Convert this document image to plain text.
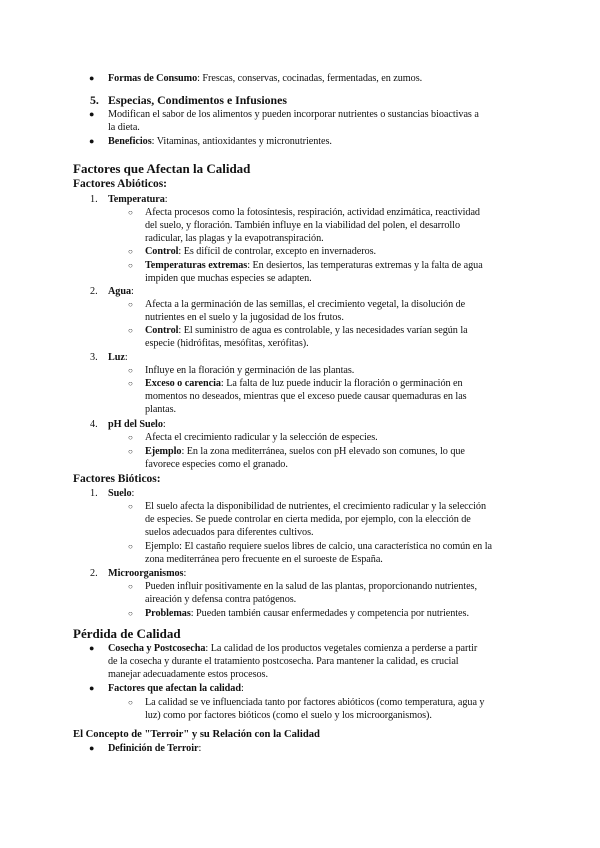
● Formas de Consumo: Frescas, conservas, cocinadas, fermentadas, en zumos.
5. Especias, Condimentos e Infusiones
● Modifican el sabor de los alimentos y pueden incorporar nutrientes o sustancias bioactivas a
la dieta.
● Beneficios: Vitaminas, antioxidantes y micronutrientes.
Factores que Afectan la Calidad
Factores Abióticos:
1. Temperatura:
○ Afecta procesos como la fotosíntesis, respiración, actividad enzimática, reactividad
del suelo, y floración. También influye en la viabilidad del polen, el desarrollo
radicular, las plagas y la evapotranspiración.
○ Control: Es difícil de controlar, excepto en invernaderos.
○ Temperaturas extremas: En desiertos, las temperaturas extremas y la falta de agua
impiden que muchas especies se adapten.
2. Agua:
○ Afecta a la germinación de las semillas, el crecimiento vegetal, la disolución de
nutrientes en el suelo y la jugosidad de los frutos.
○ Control: El suministro de agua es controlable, y las necesidades varían según la
especie (hidrófitas, mesófitas, xerófitas).
3. Luz:
○ Influye en la floración y germinación de las plantas.
○ Exceso o carencia: La falta de luz puede inducir la floración o germinación en
momentos no deseados, mientras que el exceso puede causar quemaduras en las
plantas.
4. pH del Suelo:
○ Afecta el crecimiento radicular y la selección de especies.
○ Ejemplo: En la zona mediterránea, suelos con pH elevado son comunes, lo que
favorece especies como el granado.
Factores Bióticos:
1. Suelo:
○ El suelo afecta la disponibilidad de nutrientes, el crecimiento radicular y la selección
de especies. Se puede controlar en cierta medida, por ejemplo, con la elección de
suelos adecuados para diferentes cultivos.
○ Ejemplo: El castaño requiere suelos libres de calcio, una característica no común en la
zona mediterránea pero frecuente en el suroeste de España.
2. Microorganismos:
○ Pueden influir positivamente en la salud de las plantas, proporcionando nutrientes,
aireación y defensa contra patógenos.
○ Problemas: Pueden también causar enfermedades y competencia por nutrientes.
Pérdida de Calidad
● Cosecha y Postcosecha: La calidad de los productos vegetales comienza a perderse a partir
de la cosecha y durante el tratamiento postcosecha. Para mantener la calidad, es crucial
manejar adecuadamente estos procesos.
● Factores que afectan la calidad:
○ La calidad se ve influenciada tanto por factores abióticos (como temperatura, agua y
luz) como por factores bióticos (como el suelo y los microorganismos).
El Concepto de "Terroir" y su Relación con la Calidad
● Definición de Terroir:
